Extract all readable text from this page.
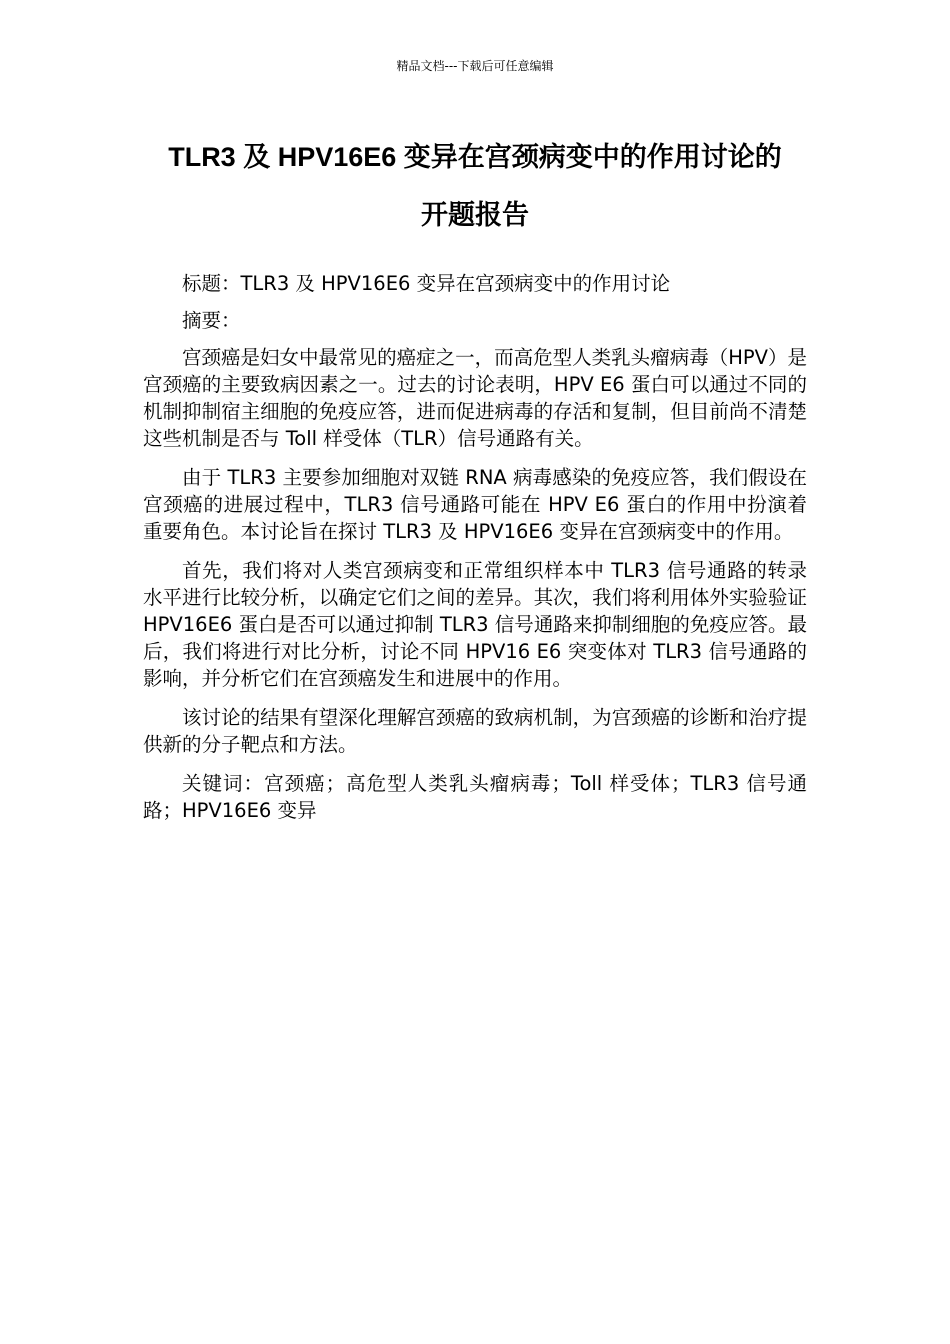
精品文档---下载后可任意编辑
TLR3 及 HPV16E6 变异在宫颈病变中的作用讨论的
开题报告

标题：TLR3 及 HPV16E6 变异在宫颈病变中的作用讨论

摘要：

宫颈癌是妇女中最常见的癌症之一，而高危型人类乳头瘤病毒（HPV）是宫颈癌的主要致病因素之一。过去的讨论表明，HPV E6 蛋白可以通过不同的机制抑制宿主细胞的免疫应答，进而促进病毒的存活和复制，但目前尚不清楚这些机制是否与 Toll 样受体（TLR）信号通路有关。

由于 TLR3 主要参加细胞对双链 RNA 病毒感染的免疫应答，我们假设在宫颈癌的进展过程中，TLR3 信号通路可能在 HPV E6 蛋白的作用中扮演着重要角色。本讨论旨在探讨 TLR3 及 HPV16E6 变异在宫颈病变中的作用。

首先，我们将对人类宫颈病变和正常组织样本中 TLR3 信号通路的转录水平进行比较分析，以确定它们之间的差异。其次，我们将利用体外实验验证 HPV16E6 蛋白是否可以通过抑制 TLR3 信号通路来抑制细胞的免疫应答。最后，我们将进行对比分析，讨论不同 HPV16 E6 突变体对 TLR3 信号通路的影响，并分析它们在宫颈癌发生和进展中的作用。

该讨论的结果有望深化理解宫颈癌的致病机制，为宫颈癌的诊断和治疗提供新的分子靶点和方法。

关键词：宫颈癌；高危型人类乳头瘤病毒；Toll 样受体；TLR3 信号通路；HPV16E6 变异
